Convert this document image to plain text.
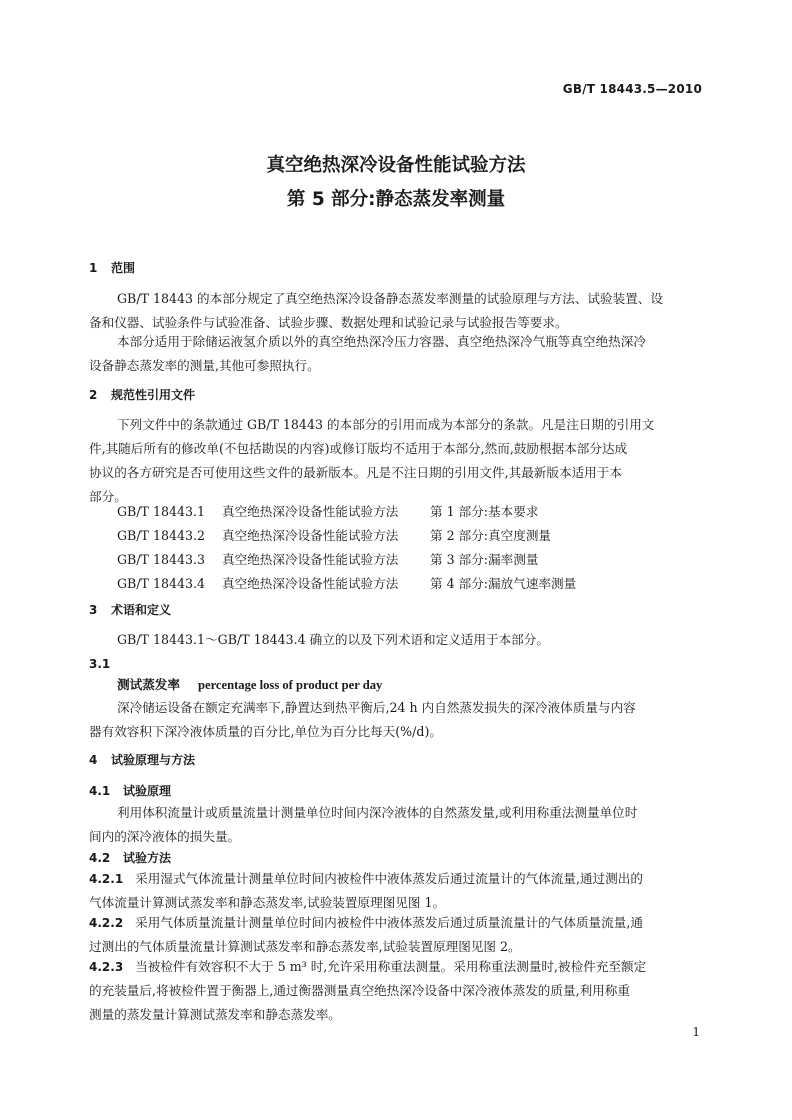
GB/T 18443.5—2010
真空绝热深冷设备性能试验方法
第 5 部分:静态蒸发率测量
1 范围
GB/T 18443 的本部分规定了真空绝热深冷设备静态蒸发率测量的试验原理与方法、试验装置、设
备和仪器、试验条件与试验准备、试验步骤、数据处理和试验记录与试验报告等要求。
本部分适用于除储运液氢介质以外的真空绝热深冷压力容器、真空绝热深冷气瓶等真空绝热深冷
设备静态蒸发率的测量,其他可参照执行。
2 规范性引用文件
下列文件中的条款通过 GB/T 18443 的本部分的引用而成为本部分的条款。凡是注日期的引用文
件,其随后所有的修改单(不包括勘误的内容)或修订版均不适用于本部分,然而,鼓励根据本部分达成
协议的各方研究是否可使用这些文件的最新版本。凡是不注日期的引用文件,其最新版本适用于本
部分。
GB/T 18443.1 真空绝热深冷设备性能试验方法	第 1 部分:基本要求
GB/T 18443.2 真空绝热深冷设备性能试验方法	第 2 部分:真空度测量
GB/T 18443.3 真空绝热深冷设备性能试验方法	第 3 部分:漏率测量
GB/T 18443.4 真空绝热深冷设备性能试验方法	第 4 部分:漏放气速率测量
3 术语和定义
GB/T 18443.1～GB/T 18443.4 确立的以及下列术语和定义适用于本部分。
3.1
测试蒸发率 percentage loss of product per day
深冷储运设备在额定充满率下,静置达到热平衡后,24 h 内自然蒸发损失的深冷液体质量与内容
器有效容积下深冷液体质量的百分比,单位为百分比每天(%/d)。
4 试验原理与方法
4.1 试验原理
利用体积流量计或质量流量计测量单位时间内深冷液体的自然蒸发量,或利用称重法测量单位时
间内的深冷液体的损失量。
4.2 试验方法
4.2.1 采用湿式气体流量计测量单位时间内被检件中液体蒸发后通过流量计的气体流量,通过测出的
气体流量计算测试蒸发率和静态蒸发率,试验装置原理图见图 1。
4.2.2 采用气体质量流量计测量单位时间内被检件中液体蒸发后通过质量流量计的气体质量流量,通
过测出的气体质量流量计算测试蒸发率和静态蒸发率,试验装置原理图见图 2。
4.2.3 当被检件有效容积不大于 5 m³ 时,允许采用称重法测量。采用称重法测量时,被检件充至额定
的充装量后,将被检件置于衡器上,通过衡器测量真空绝热深冷设备中深冷液体蒸发的质量,利用称重
测量的蒸发量计算测试蒸发率和静态蒸发率。
1
